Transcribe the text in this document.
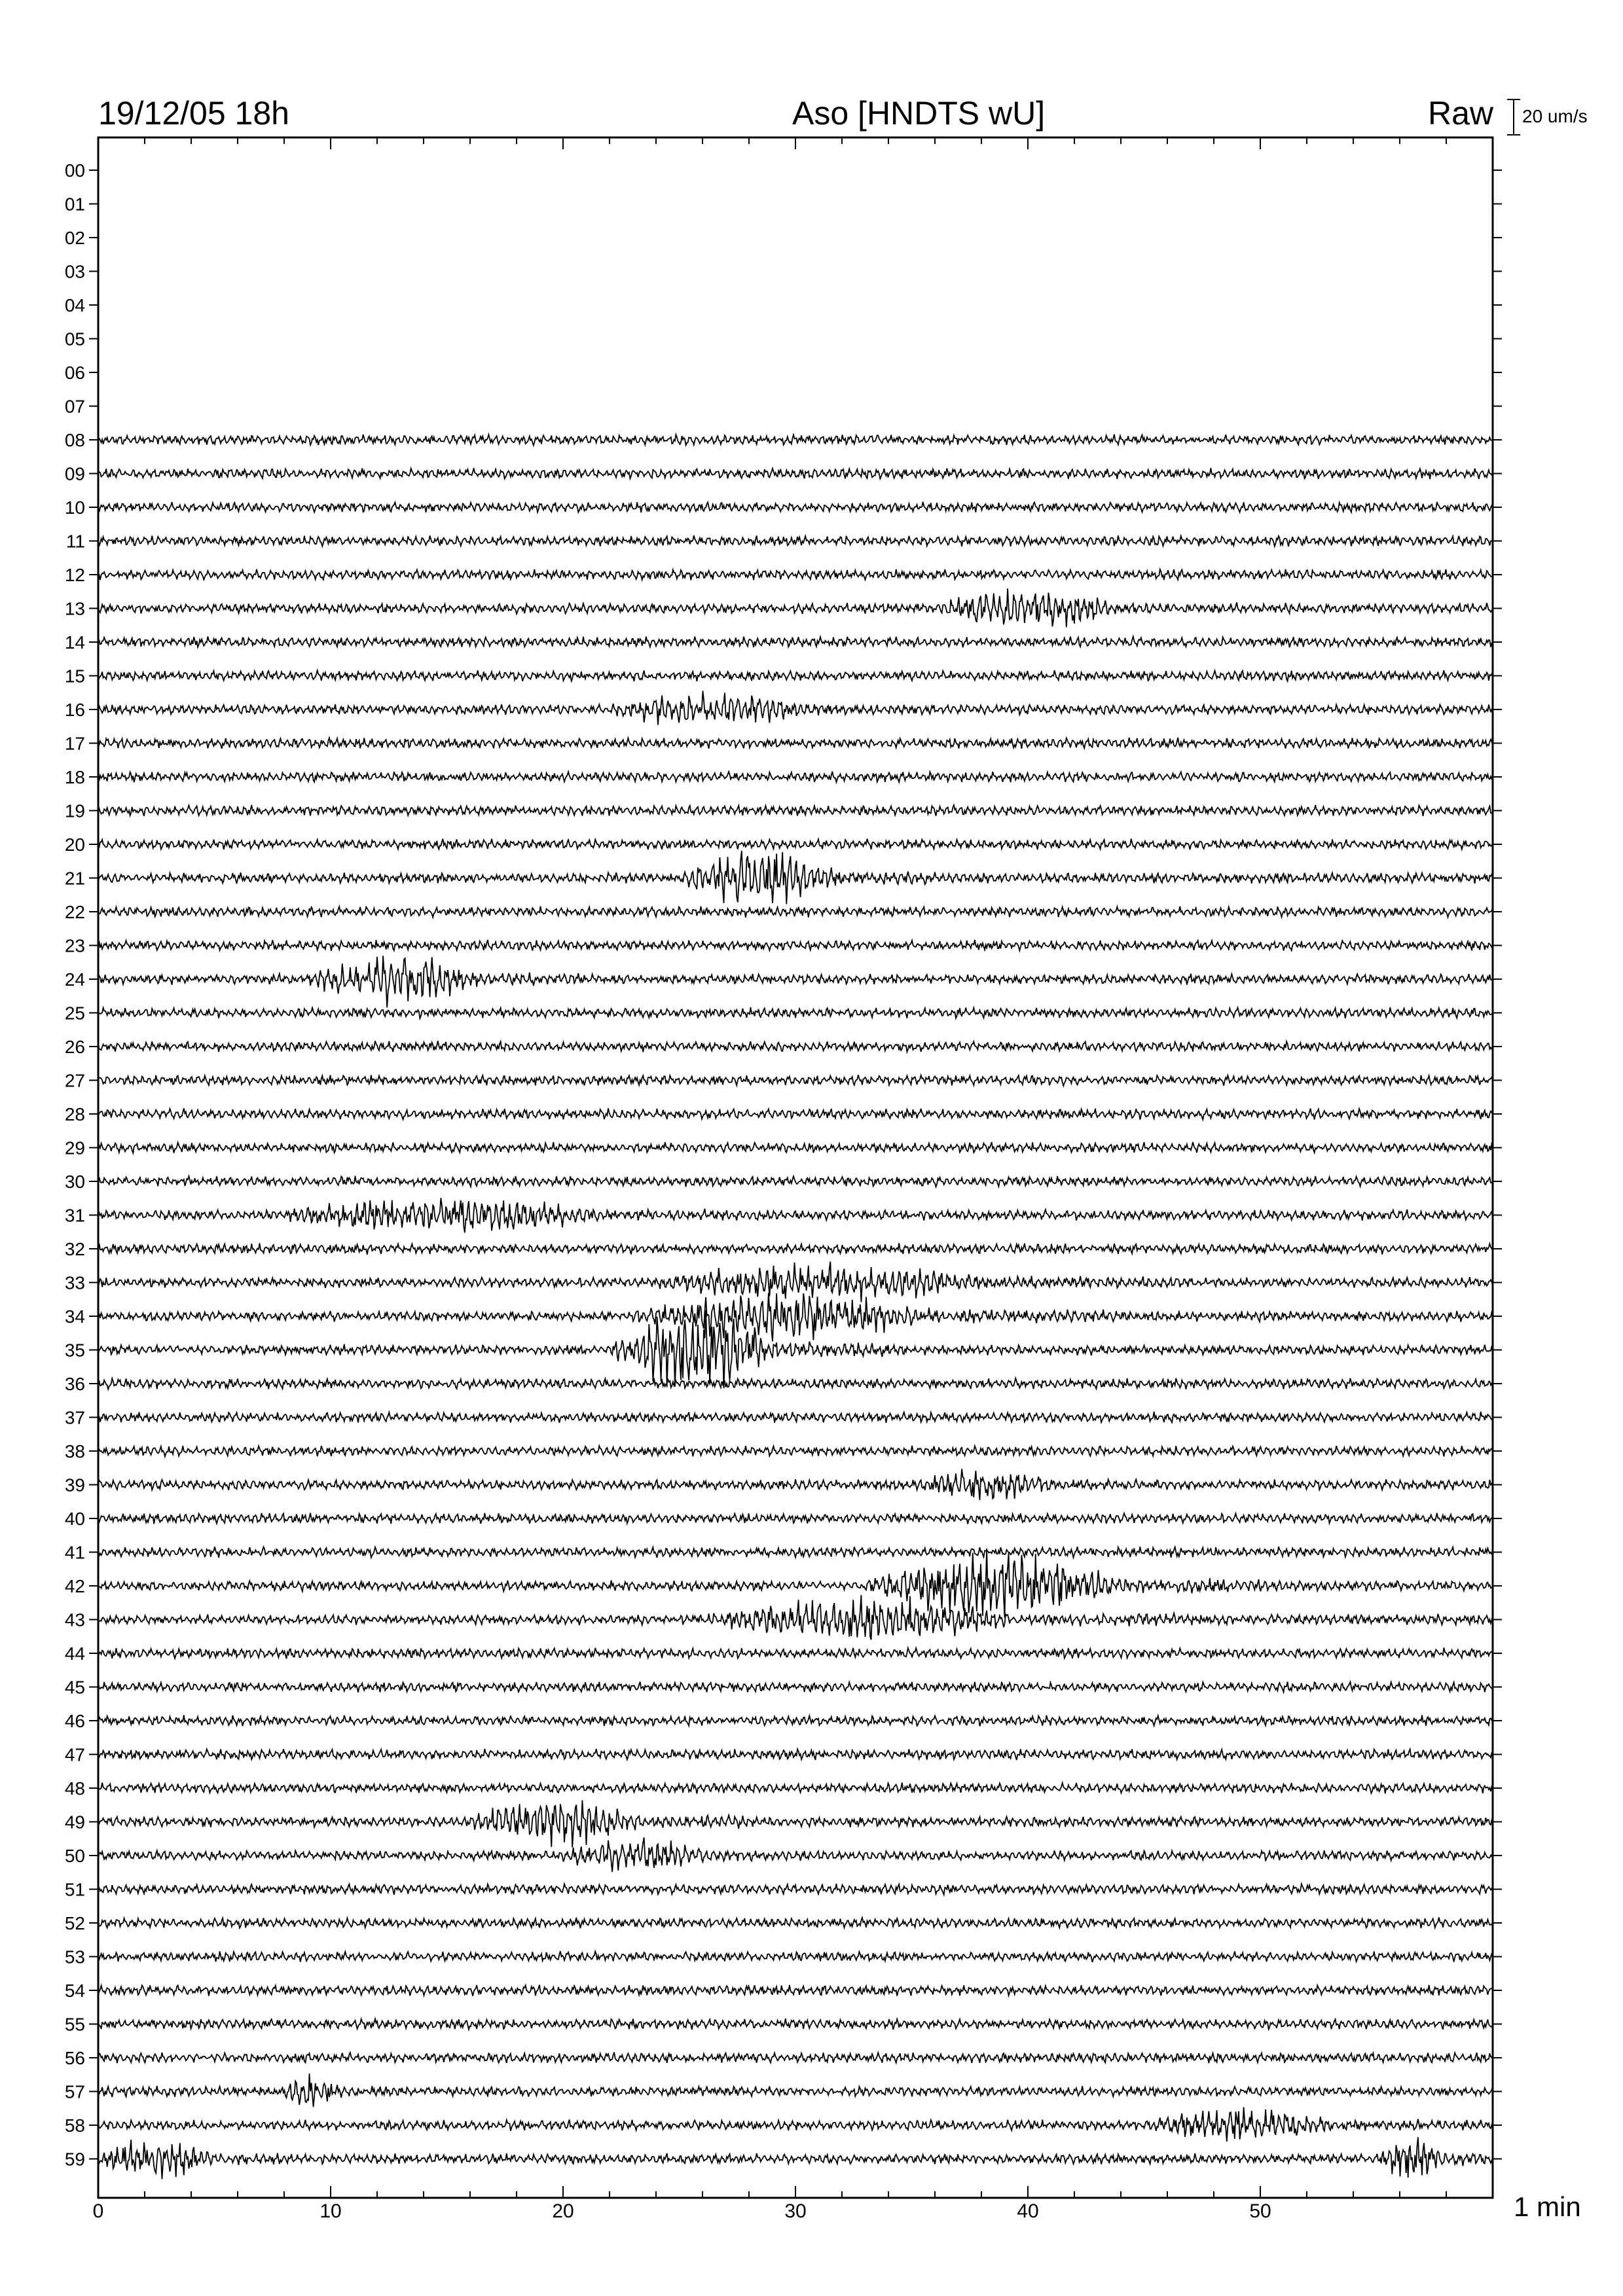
19/12/05 18h	Aso [HNDTS wU]	Raw 20 um/s
1 min
0	10	20	30	40	50
00
01
02
03
04
05
06
07
08
09
10
11
12
13
14
15
16
17
18
19
20
21
22
23
24
25
26
27
28
29
30
31
32
33
34
35
36
37
38
39
40
41
42
43
44
45
46
47
48
49
50
51
52
53
54
55
56
57
58
59
